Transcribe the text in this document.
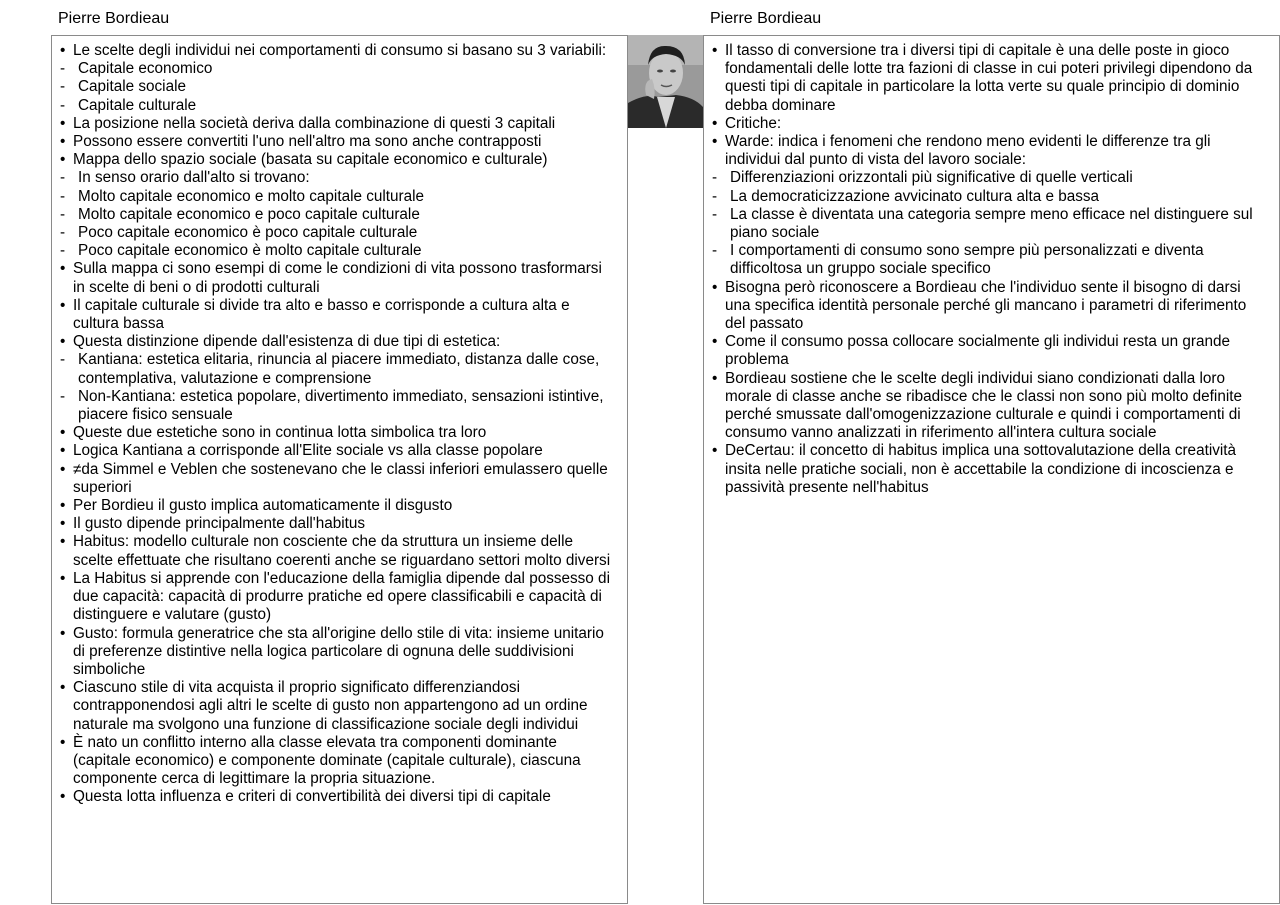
Pierre Bordieau	Pierre Bordieau
• Le scelte degli individui nei comportamenti di consumo si basano su 3 variabili:
- Capitale economico
- Capitale sociale
- Capitale culturale
• La posizione nella società deriva dalla combinazione di questi 3 capitali
• Possono essere convertiti l'uno nell'altro ma sono anche contrapposti
• Mappa dello spazio sociale (basata su capitale economico e culturale)
- In senso orario dall'alto si trovano:
- Molto capitale economico e molto capitale culturale
- Molto capitale economico e poco capitale culturale
- Poco capitale economico è poco capitale culturale
- Poco capitale economico è molto capitale culturale
• Sulla mappa ci sono esempi di come le condizioni di vita possono trasformarsi in scelte di beni o di prodotti culturali
• Il capitale culturale si divide tra alto e basso e corrisponde a cultura alta e cultura bassa
• Questa distinzione dipende dall'esistenza di due tipi di estetica:
- Kantiana: estetica elitaria, rinuncia al piacere immediato, distanza dalle cose, contemplativa, valutazione e comprensione
- Non-Kantiana: estetica popolare, divertimento immediato, sensazioni istintive, piacere fisico sensuale
• Queste due estetiche sono in continua lotta simbolica tra loro
• Logica Kantiana a corrisponde all'Elite sociale vs alla classe popolare
• ≠da Simmel e Veblen che sostenevano che le classi inferiori emulassero quelle superiori
• Per Bordieu il gusto implica automaticamente il disgusto
• Il gusto dipende principalmente dall'habitus
• Habitus: modello culturale non cosciente che da struttura un insieme delle scelte effettuate che risultano coerenti anche se riguardano settori molto diversi
• La Habitus si apprende con l'educazione della famiglia dipende dal possesso di due capacità: capacità di produrre pratiche ed opere classificabili e capacità di distinguere e valutare (gusto)
• Gusto: formula generatrice che sta all'origine dello stile di vita: insieme unitario di preferenze distintive nella logica particolare di ognuna delle suddivisioni simboliche
• Ciascuno stile di vita acquista il proprio significato differenziandosi contrapponendosi agli altri le scelte di gusto non appartengono ad un ordine naturale ma svolgono una funzione di classificazione sociale degli individui
• È nato un conflitto interno alla classe elevata tra componenti dominante (capitale economico) e componente dominate (capitale culturale), ciascuna componente cerca di legittimare la propria situazione.
• Questa lotta influenza e criteri di convertibilità dei diversi tipi di capitale
• Il tasso di conversione tra i diversi tipi di capitale è una delle poste in gioco fondamentali delle lotte tra fazioni di classe in cui poteri privilegi dipendono da questi tipi di capitale in particolare la lotta verte su quale principio di dominio debba dominare
• Critiche:
• Warde: indica i fenomeni che rendono meno evidenti le differenze tra gli individui dal punto di vista del lavoro sociale:
- Differenziazioni orizzontali più significative di quelle verticali
- La democraticizzazione avvicinato cultura alta e bassa
- La classe è diventata una categoria sempre meno efficace nel distinguere sul piano sociale
- I comportamenti di consumo sono sempre più personalizzati e diventa difficoltosa un gruppo sociale specifico
• Bisogna però riconoscere a Bordieau che l'individuo sente il bisogno di darsi una specifica identità personale perché gli mancano i parametri di riferimento del passato
• Come il consumo possa collocare socialmente gli individui resta un grande problema
• Bordieau sostiene che le scelte degli individui siano condizionati dalla loro morale di classe anche se ribadisce che le classi non sono più molto definite perché smussate dall'omogenizzazione culturale e quindi i comportamenti di consumo vanno analizzati in riferimento all'intera cultura sociale
• DeCertau: il concetto di habitus implica una sottovalutazione della creatività insita nelle pratiche sociali, non è accettabile la condizione di incoscienza e passività presente nell'habitus
